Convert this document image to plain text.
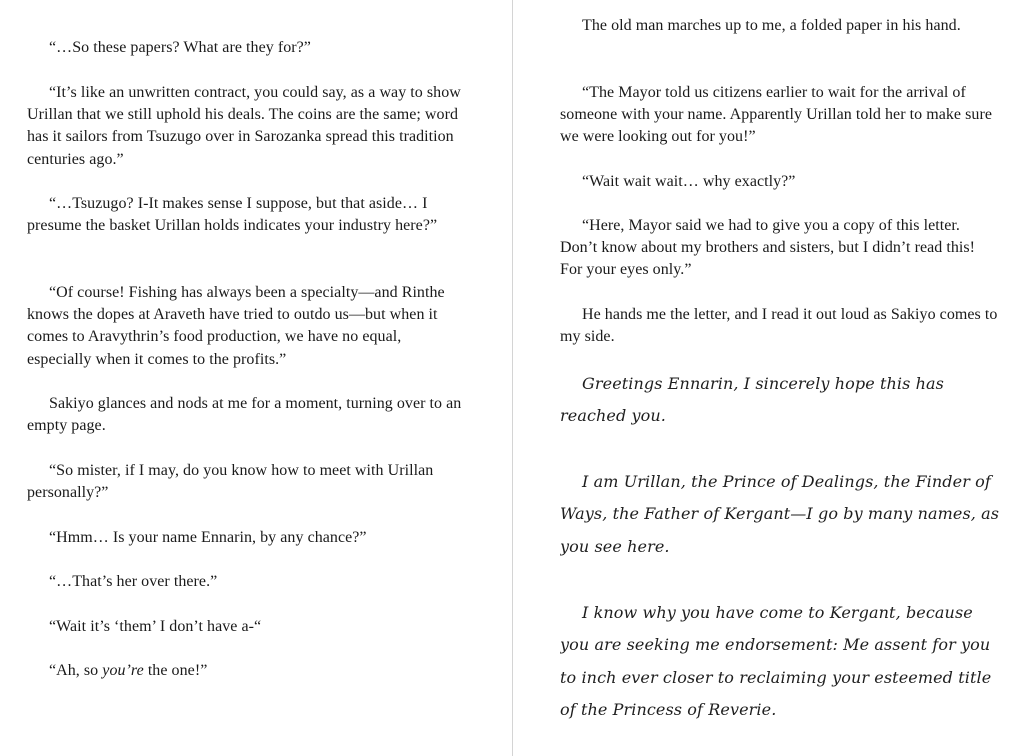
“…So these papers? What are they for?”

“It’s like an unwritten contract, you could say, as a way to show Urillan that we still uphold his deals. The coins are the same; word has it sailors from Tsuzugo over in Sarozanka spread this tradition centuries ago.”

“…Tsuzugo? I-It makes sense I suppose, but that aside… I presume the basket Urillan holds indicates your industry here?”

“Of course! Fishing has always been a specialty—and Rinthe knows the dopes at Araveth have tried to outdo us—but when it comes to Aravythrin’s food production, we have no equal, especially when it comes to the profits.”

Sakiyo glances and nods at me for a moment, turning over to an empty page.

“So mister, if I may, do you know how to meet with Urillan personally?”

“Hmm… Is your name Ennarin, by any chance?”

“…That’s her over there.”

“Wait it’s ‘them’ I don’t have a-“

“Ah, so you’re the one!”

The old man marches up to me, a folded paper in his hand.

“The Mayor told us citizens earlier to wait for the arrival of someone with your name. Apparently Urillan told her to make sure we were looking out for you!”

“Wait wait wait… why exactly?”

“Here, Mayor said we had to give you a copy of this letter. Don’t know about my brothers and sisters, but I didn’t read this! For your eyes only.”

He hands me the letter, and I read it out loud as Sakiyo comes to my side.

Greetings Ennarin, I sincerely hope this has reached you.

I am Urillan, the Prince of Dealings, the Finder of Ways, the Father of Kergant—I go by many names, as you see here.

I know why you have come to Kergant, because you are seeking me endorsement: Me assent for you to inch ever closer to reclaiming your esteemed title of the Princess of Reverie.
